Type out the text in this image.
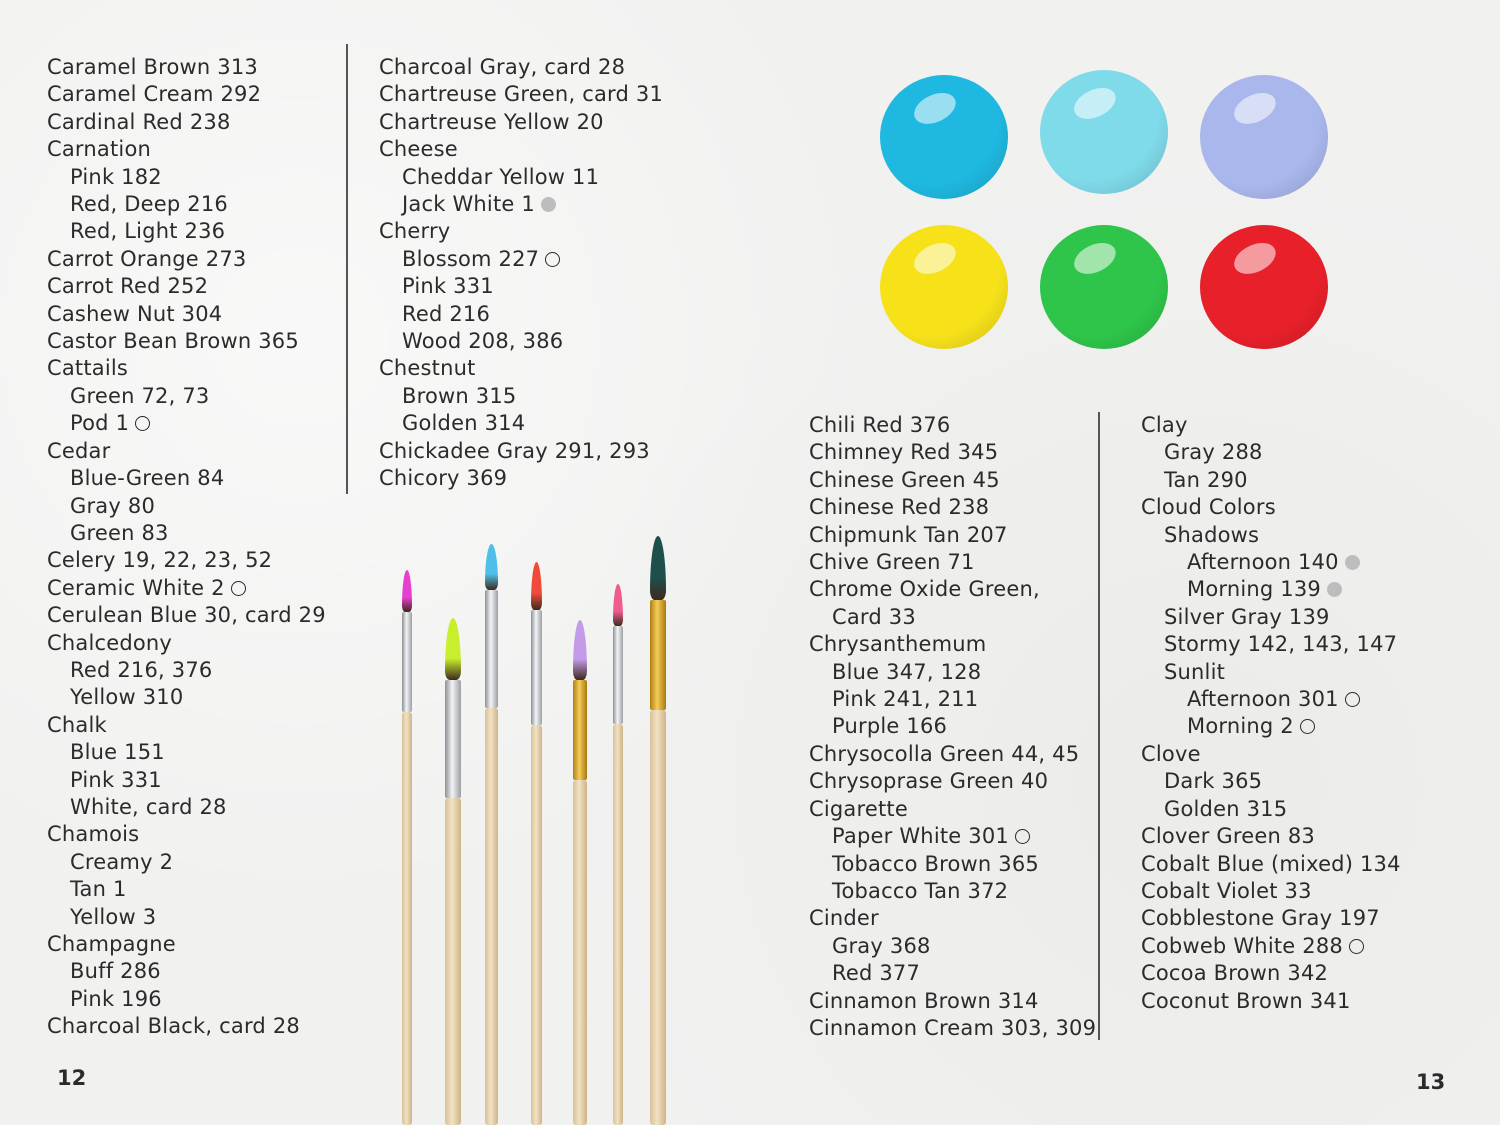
Caramel Brown 313
Caramel Cream 292
Cardinal Red 238
Carnation
Pink 182
Red, Deep 216
Red, Light 236
Carrot Orange 273
Carrot Red 252
Cashew Nut 304
Castor Bean Brown 365
Cattails
Green 72, 73
Pod 1
Cedar
Blue-Green 84
Gray 80
Green 83
Celery 19, 22, 23, 52
Ceramic White 2
Cerulean Blue 30, card 29
Chalcedony
Red 216, 376
Yellow 310
Chalk
Blue 151
Pink 331
White, card 28
Chamois
Creamy 2
Tan 1
Yellow 3
Champagne
Buff 286
Pink 196
Charcoal Black, card 28
Charcoal Gray, card 28
Chartreuse Green, card 31
Chartreuse Yellow 20
Cheese
Cheddar Yellow 11
Jack White 1
Cherry
Blossom 227
Pink 331
Red 216
Wood 208, 386
Chestnut
Brown 315
Golden 314
Chickadee Gray 291, 293
Chicory 369
12
Chili Red 376
Chimney Red 345
Chinese Green 45
Chinese Red 238
Chipmunk Tan 207
Chive Green 71
Chrome Oxide Green,
Card 33
Chrysanthemum
Blue 347, 128
Pink 241, 211
Purple 166
Chrysocolla Green 44, 45
Chrysoprase Green 40
Cigarette
Paper White 301
Tobacco Brown 365
Tobacco Tan 372
Cinder
Gray 368
Red 377
Cinnamon Brown 314
Cinnamon Cream 303, 309
Clay
Gray 288
Tan 290
Cloud Colors
Shadows
Afternoon 140
Morning 139
Silver Gray 139
Stormy 142, 143, 147
Sunlit
Afternoon 301
Morning 2
Clove
Dark 365
Golden 315
Clover Green 83
Cobalt Blue (mixed) 134
Cobalt Violet 33
Cobblestone Gray 197
Cobweb White 288
Cocoa Brown 342
Coconut Brown 341
13
